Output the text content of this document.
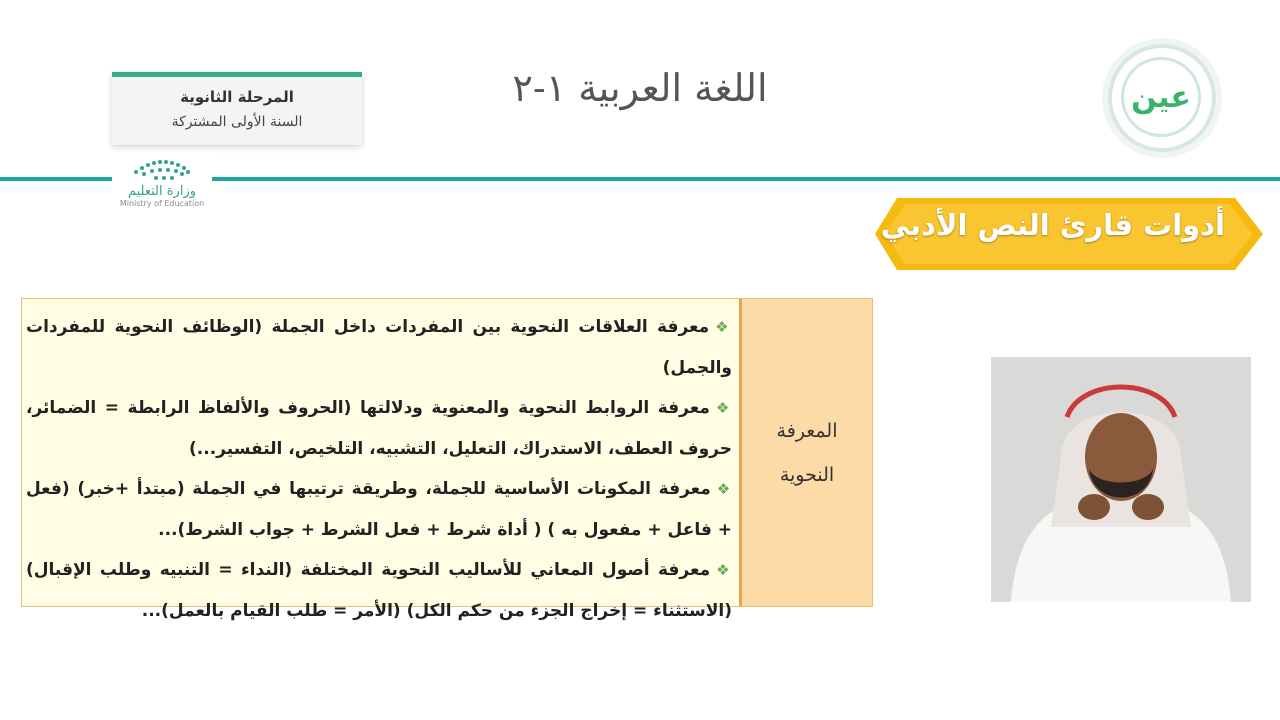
المرحلة الثانوية
السنة الأولى المشتركة
اللغة العربية ١-٢	عين
وزارة التعليم
Ministry of Education
أدوات قارئ النص الأدبي
المعرفة
النحوية

❖معرفة العلاقات النحوية بين المفردات داخل الجملة (الوظائف النحوية للمفردات والجمل)

❖معرفة الروابط النحوية والمعنوية ودلالتها (الحروف والألفاظ الرابطة = الضمائر، حروف العطف، الاستدراك، التعليل، التشبيه، التلخيص، التفسير...)

❖معرفة المكونات الأساسية للجملة، وطريقة ترتيبها في الجملة (مبتدأ +خبر) (فعل + فاعل + مفعول به ) ( أداة شرط + فعل الشرط + جواب الشرط)...

❖معرفة أصول المعاني للأساليب النحوية المختلفة (النداء = التنبيه وطلب الإقبال) (الاستثناء = إخراج الجزء من حكم الكل) (الأمر = طلب القيام بالعمل)...
